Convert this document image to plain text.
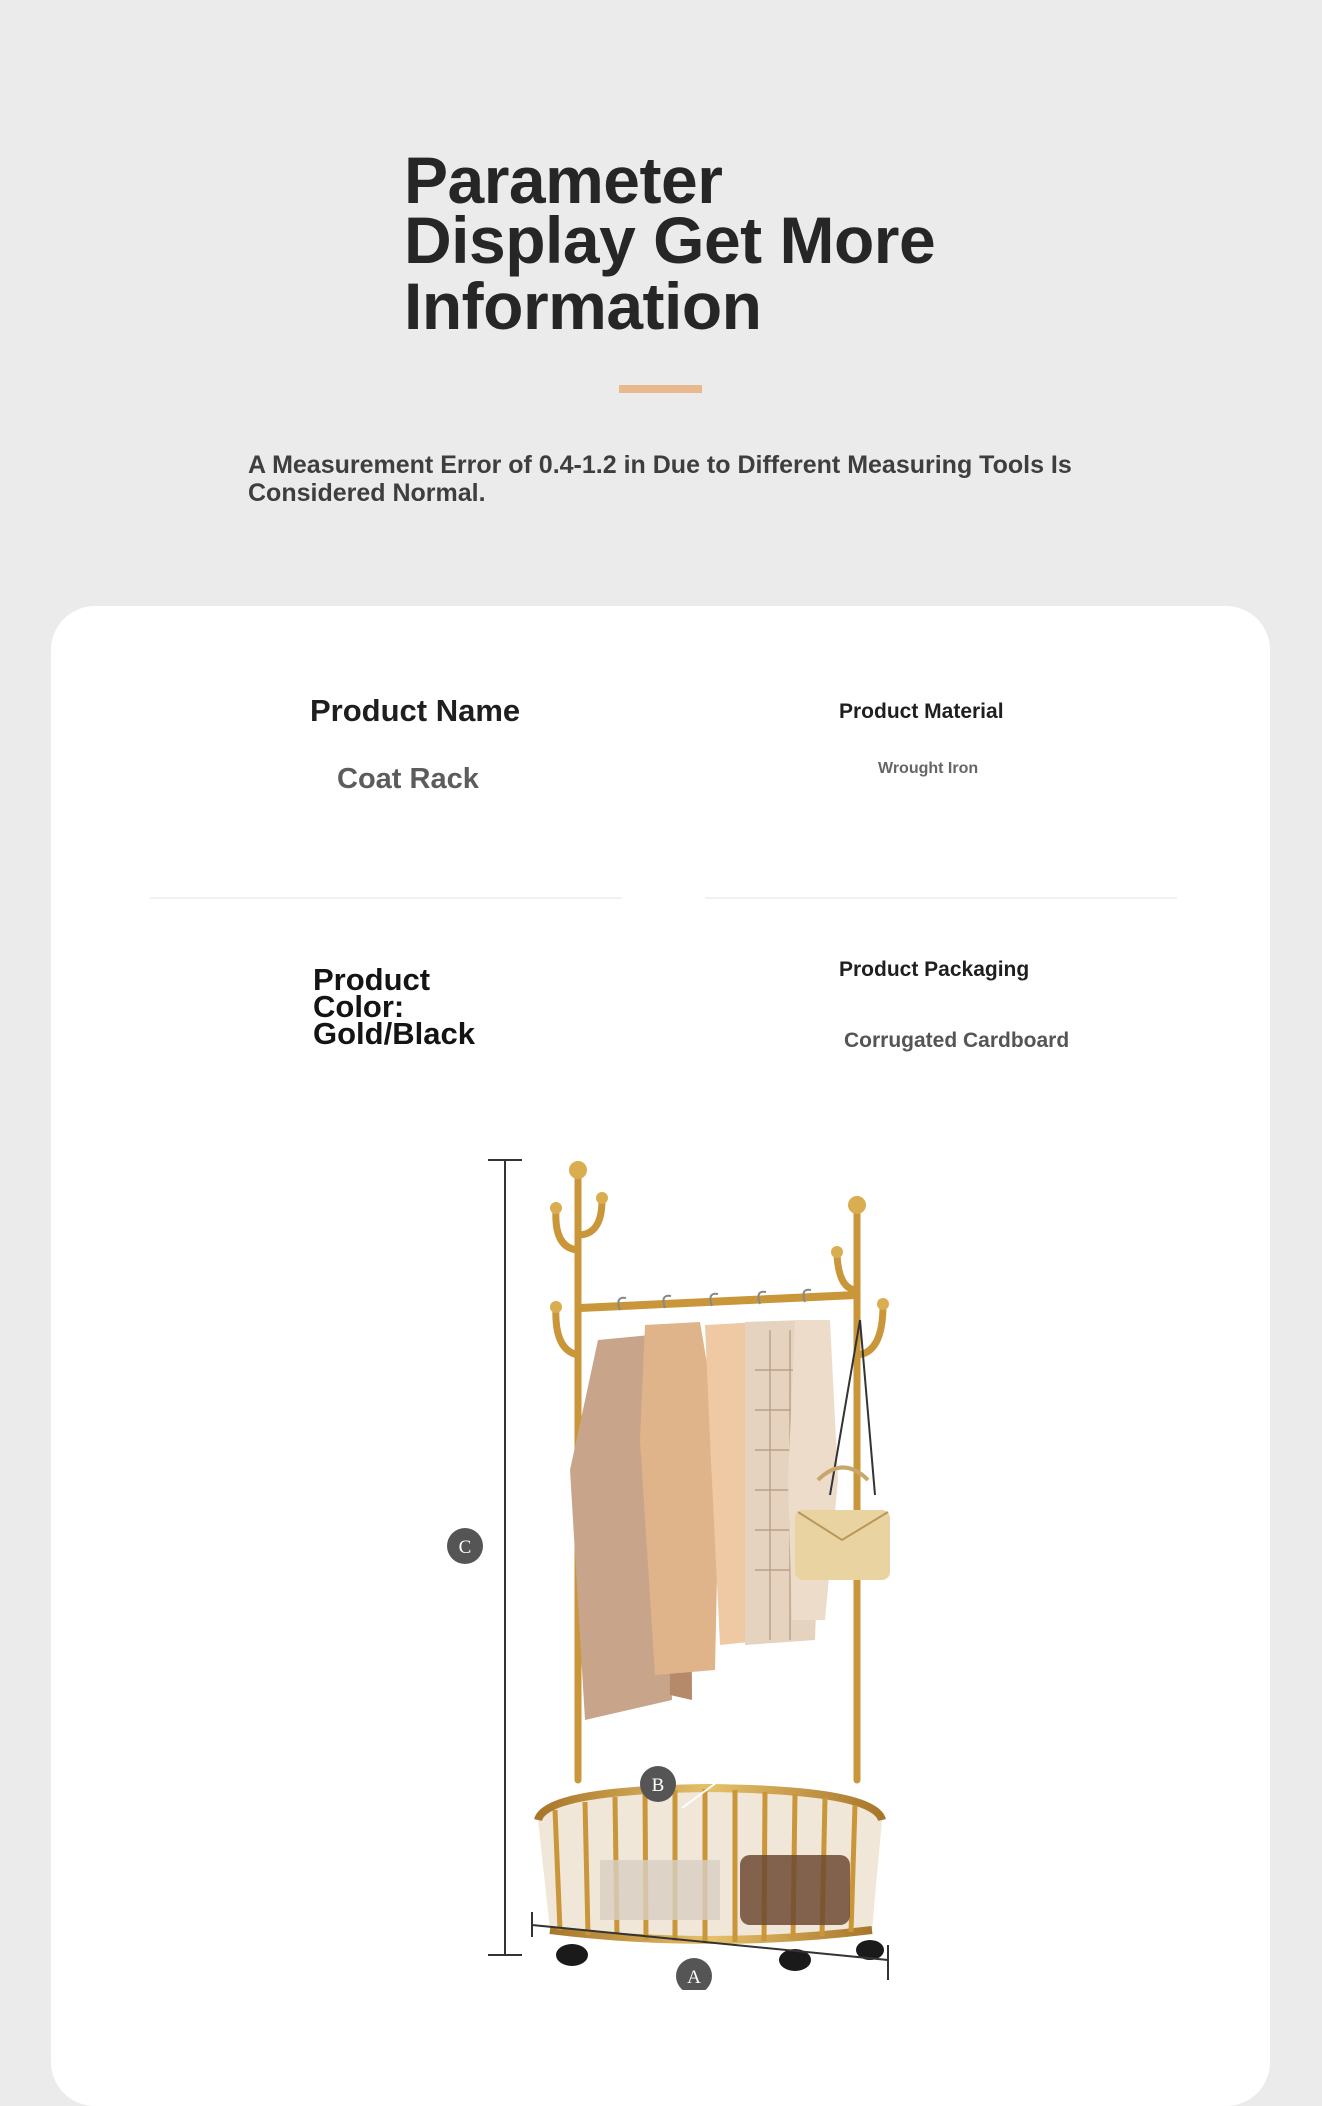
Parameter
Display Get More
Information

A Measurement Error of 0.4-1.2 in Due to Different Measuring Tools Is Considered Normal.

Product Name

Coat Rack

Product Material

Wrought Iron

Product Color: Gold/Black

Product Packaging

Corrugated Cardboard

C
B
A
